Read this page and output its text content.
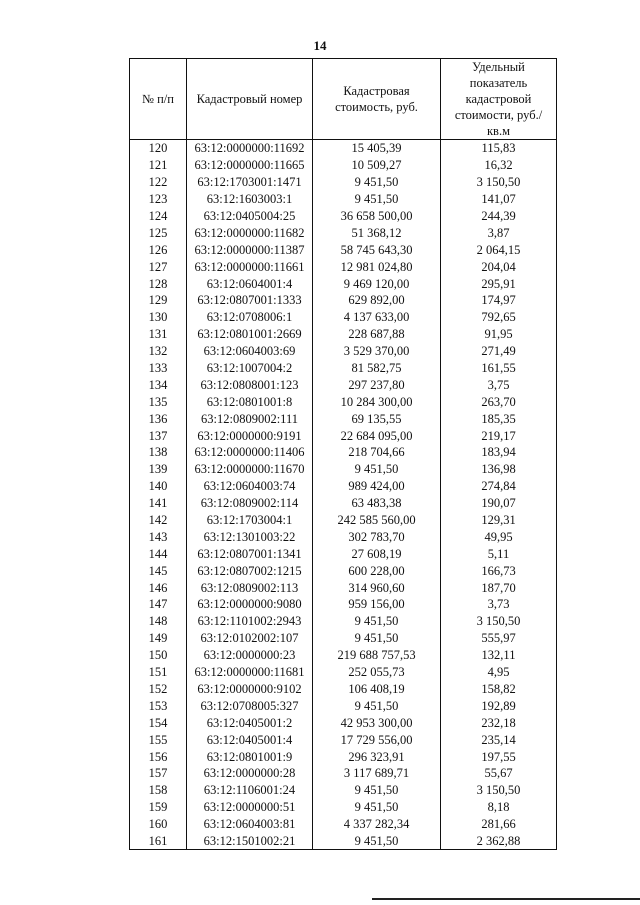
14
№ п/п	Кадастровый номер	Кадастровая стоимость, руб.	Удельный показатель кадастровой стоимости, руб./кв.м
120	63:12:0000000:11692	15 405,39	115,83
121	63:12:0000000:11665	10 509,27	16,32
122	63:12:1703001:1471	9 451,50	3 150,50
123	63:12:1603003:1	9 451,50	141,07
124	63:12:0405004:25	36 658 500,00	244,39
125	63:12:0000000:11682	51 368,12	3,87
126	63:12:0000000:11387	58 745 643,30	2 064,15
127	63:12:0000000:11661	12 981 024,80	204,04
128	63:12:0604001:4	9 469 120,00	295,91
129	63:12:0807001:1333	629 892,00	174,97
130	63:12:0708006:1	4 137 633,00	792,65
131	63:12:0801001:2669	228 687,88	91,95
132	63:12:0604003:69	3 529 370,00	271,49
133	63:12:1007004:2	81 582,75	161,55
134	63:12:0808001:123	297 237,80	3,75
135	63:12:0801001:8	10 284 300,00	263,70
136	63:12:0809002:111	69 135,55	185,35
137	63:12:0000000:9191	22 684 095,00	219,17
138	63:12:0000000:11406	218 704,66	183,94
139	63:12:0000000:11670	9 451,50	136,98
140	63:12:0604003:74	989 424,00	274,84
141	63:12:0809002:114	63 483,38	190,07
142	63:12:1703004:1	242 585 560,00	129,31
143	63:12:1301003:22	302 783,70	49,95
144	63:12:0807001:1341	27 608,19	5,11
145	63:12:0807002:1215	600 228,00	166,73
146	63:12:0809002:113	314 960,60	187,70
147	63:12:0000000:9080	959 156,00	3,73
148	63:12:1101002:2943	9 451,50	3 150,50
149	63:12:0102002:107	9 451,50	555,97
150	63:12:0000000:23	219 688 757,53	132,11
151	63:12:0000000:11681	252 055,73	4,95
152	63:12:0000000:9102	106 408,19	158,82
153	63:12:0708005:327	9 451,50	192,89
154	63:12:0405001:2	42 953 300,00	232,18
155	63:12:0405001:4	17 729 556,00	235,14
156	63:12:0801001:9	296 323,91	197,55
157	63:12:0000000:28	3 117 689,71	55,67
158	63:12:1106001:24	9 451,50	3 150,50
159	63:12:0000000:51	9 451,50	8,18
160	63:12:0604003:81	4 337 282,34	281,66
161	63:12:1501002:21	9 451,50	2 362,88
